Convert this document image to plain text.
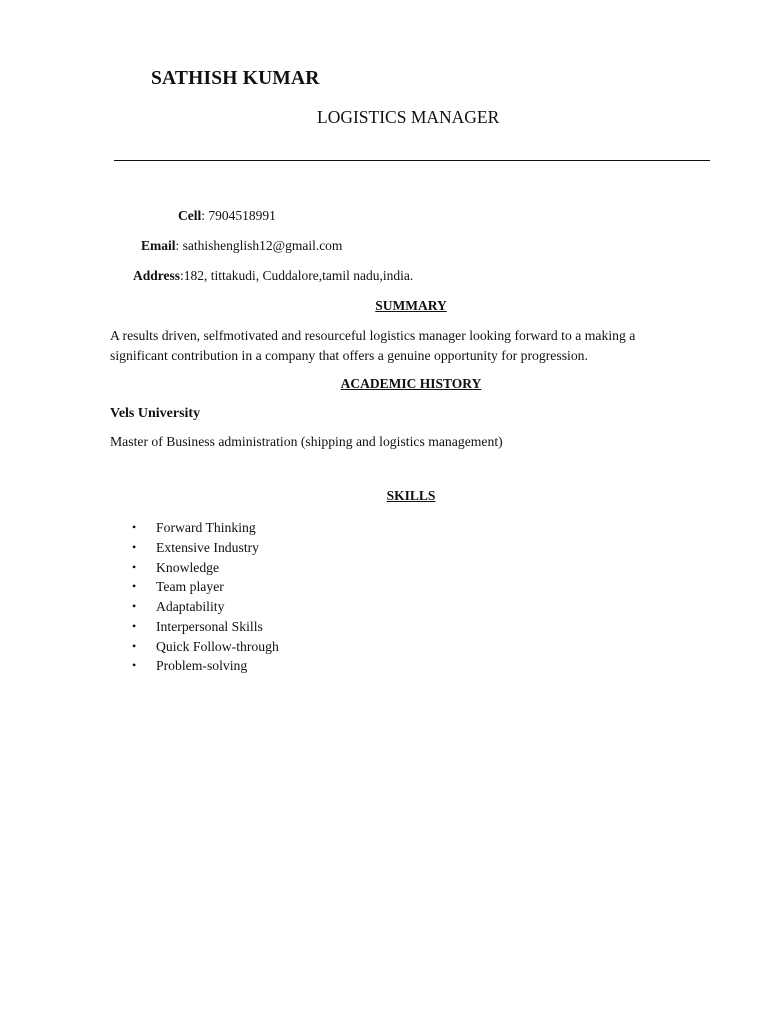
SATHISH KUMAR
LOGISTICS MANAGER
Cell: 7904518991
Email: sathishenglish12@gmail.com
Address:182, tittakudi, Cuddalore,tamil nadu,india.
SUMMARY
A results driven, selfmotivated and resourceful logistics manager looking forward to a making a significant contribution in a company that offers a genuine opportunity for progression.
ACADEMIC HISTORY
Vels University
Master of Business administration (shipping and logistics management)
SKILLS
• Forward Thinking
• Extensive Industry
• Knowledge
• Team player
• Adaptability
• Interpersonal Skills
• Quick Follow-through
• Problem-solving
